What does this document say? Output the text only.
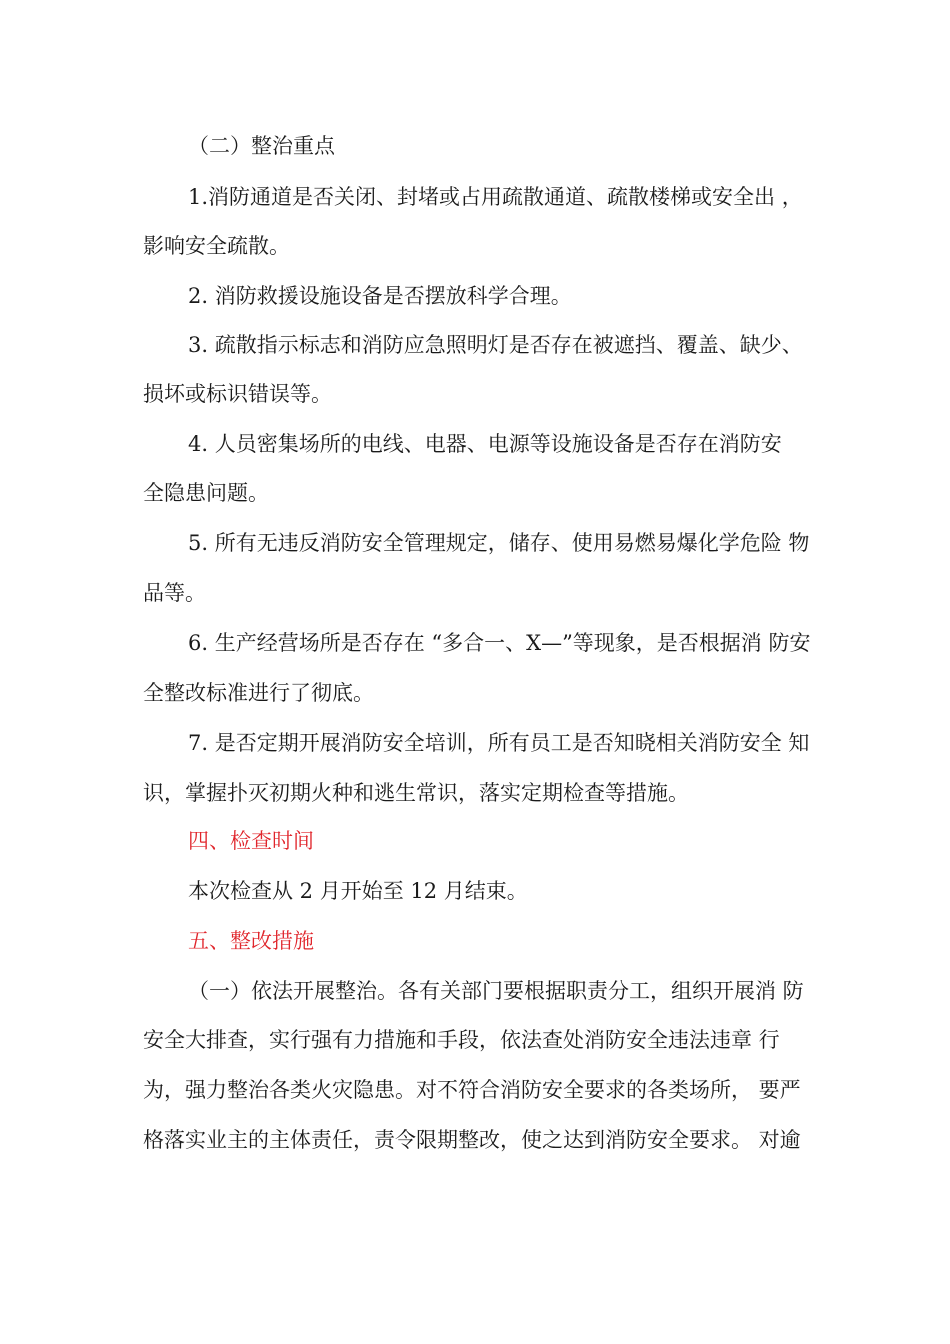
（二）整治重点
1.消防通道是否关闭、封堵或占用疏散通道、疏散楼梯或安全出 ，
影响安全疏散。
2. 消防救援设施设备是否摆放科学合理。
3. 疏散指示标志和消防应急照明灯是否存在被遮挡、覆盖、缺少、
损坏或标识错误等。
4. 人员密集场所的电线、电器、电源等设施设备是否存在消防安
全隐患问题。
5. 所有无违反消防安全管理规定，储存、使用易燃易爆化学危险 物
品等。
6. 生产经营场所是否存在 “多合一、X—”等现象，是否根据消 防安
全整改标准进行了彻底。
7. 是否定期开展消防安全培训，所有员工是否知晓相关消防安全 知
识，掌握扑灭初期火种和逃生常识，落实定期检查等措施。
四、检查时间
本次检查从 2 月开始至 12 月结束。
五、整改措施
（一）依法开展整治。各有关部门要根据职责分工，组织开展消 防
安全大排查，实行强有力措施和手段，依法查处消防安全违法违章 行
为，强力整治各类火灾隐患。对不符合消防安全要求的各类场所， 要严
格落实业主的主体责任，责令限期整改，使之达到消防安全要求。 对逾
